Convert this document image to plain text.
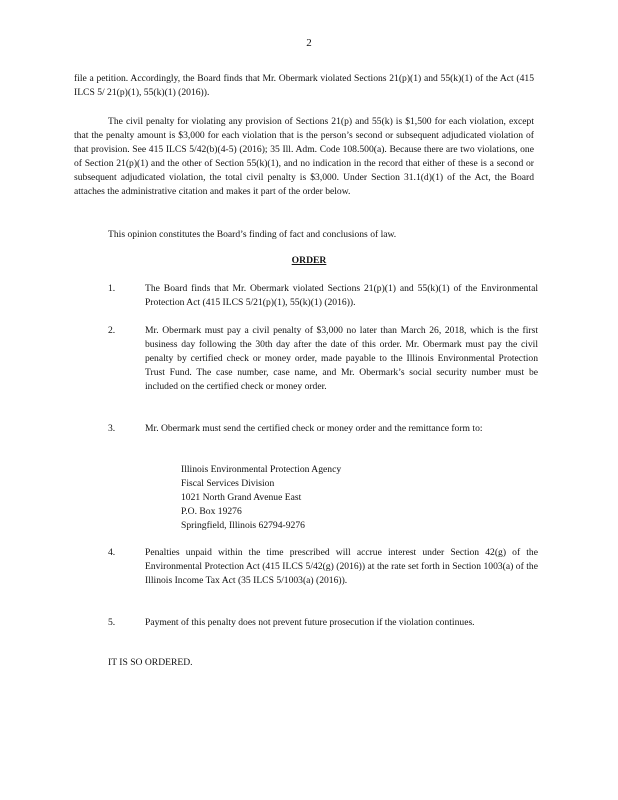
2
file a petition. Accordingly, the Board finds that Mr. Obermark violated Sections 21(p)(1) and 55(k)(1) of the Act (415 ILCS 5/ 21(p)(1), 55(k)(1) (2016)).
The civil penalty for violating any provision of Sections 21(p) and 55(k) is $1,500 for each violation, except that the penalty amount is $3,000 for each violation that is the person’s second or subsequent adjudicated violation of that provision. See 415 ILCS 5/42(b)(4-5) (2016); 35 Ill. Adm. Code 108.500(a). Because there are two violations, one of Section 21(p)(1) and the other of Section 55(k)(1), and no indication in the record that either of these is a second or subsequent adjudicated violation, the total civil penalty is $3,000. Under Section 31.1(d)(1) of the Act, the Board attaches the administrative citation and makes it part of the order below.
This opinion constitutes the Board’s finding of fact and conclusions of law.
ORDER
1.	The Board finds that Mr. Obermark violated Sections 21(p)(1) and 55(k)(1) of the Environmental Protection Act (415 ILCS 5/21(p)(1), 55(k)(1) (2016)).
2.	Mr. Obermark must pay a civil penalty of $3,000 no later than March 26, 2018, which is the first business day following the 30th day after the date of this order. Mr. Obermark must pay the civil penalty by certified check or money order, made payable to the Illinois Environmental Protection Trust Fund. The case number, case name, and Mr. Obermark’s social security number must be included on the certified check or money order.
3.	Mr. Obermark must send the certified check or money order and the remittance form to:
Illinois Environmental Protection Agency
Fiscal Services Division
1021 North Grand Avenue East
P.O. Box 19276
Springfield, Illinois 62794-9276
4.	Penalties unpaid within the time prescribed will accrue interest under Section 42(g) of the Environmental Protection Act (415 ILCS 5/42(g) (2016)) at the rate set forth in Section 1003(a) of the Illinois Income Tax Act (35 ILCS 5/1003(a) (2016)).
5.	Payment of this penalty does not prevent future prosecution if the violation continues.
IT IS SO ORDERED.
